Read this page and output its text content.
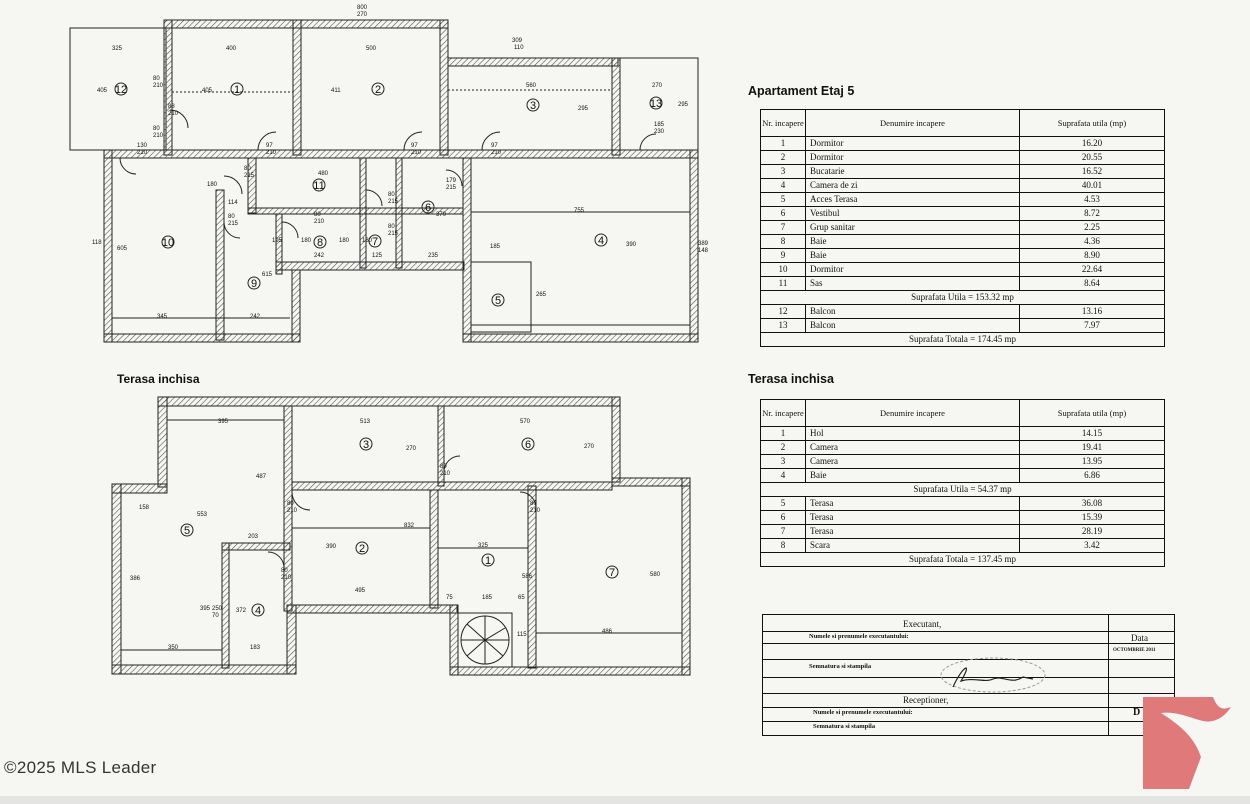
800
270
325	400	500
309
110
560	270
405
80
210
88
210
405	411
80
210
295
295
185
230
97
210
97
210
97
210
130
210
480
179
215
180
80
215
114
80
215
755
80
210
80
215
80
215
370
180
180	180
185
118
605
389
148
195
615
242	125	235
265
390
345	242
12	1	2
3	13
11
6
10	8	7	4
9
5
395	513	570
270	270
80
210
487
80
210
80
210
158
553
832
203
80
210
390	325
586	580
386
395	372
250
70
495
75	185	65
486
183
350
115
3	6
5
2
1
7
4
Terasa inchisa
Apartament Etaj 5
Nr. incapere	Denumire incapere	Suprafata utila (mp)
1	Dormitor	16.20
2	Dormitor	20.55
3	Bucatarie	16.52
4	Camera de zi	40.01
5	Acces Terasa	4.53
6	Vestibul	8.72
7	Grup sanitar	2.25
8	Baie	4.36
9	Baie	8.90
10	Dormitor	22.64
11	Sas	8.64
Suprafata Utila = 153.32 mp		
12	Balcon	13.16
13	Balcon	7.97
Suprafata Totala = 174.45 mp		
Terasa inchisa
Nr. incapere	Denumire incapere	Suprafata utila (mp)
1	Hol	14.15
2	Camera	19.41
3	Camera	13.95
4	Baie	6.86
Suprafata Utila = 54.37 mp		
5	Terasa	36.08
6	Terasa	15.39
7	Terasa	28.19
8	Scara	3.42
Suprafata Totala = 137.45 mp		
Executant,
Numele si prenumele executantului:
Semnatura si stampila
Data
OCTOMBRIE 2011
Receptioner,
Numele si prenumele executantului:
Semnatura si stampila
D
©2025 MLS Leader
